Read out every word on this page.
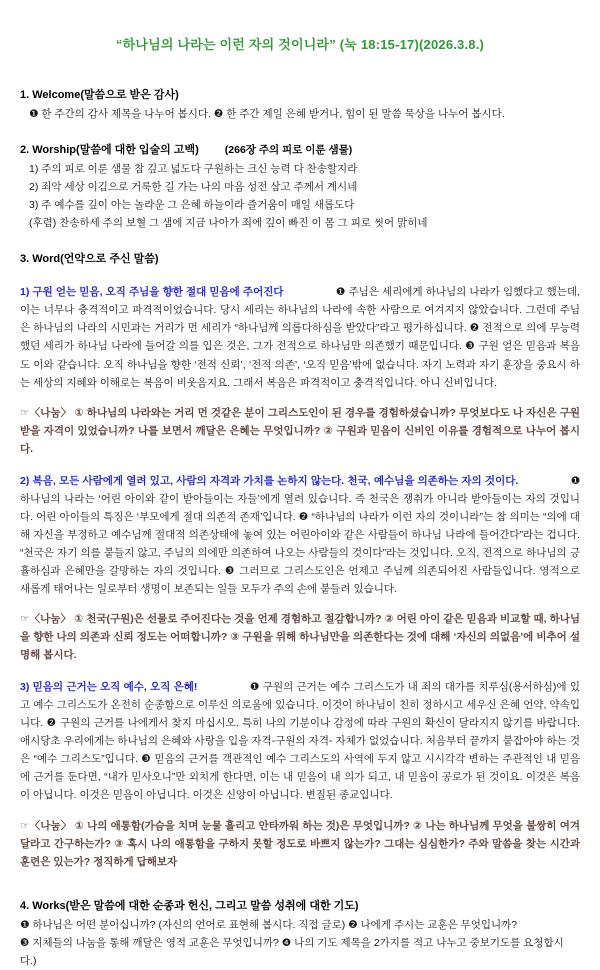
“하나님의 나라는 이런 자의 것이니라” (눅 18:15-17)(2026.3.8.)
1. Welcome(말씀으로 받은 감사)
❶ 한 주간의 감사 제목을 나누어 봅시다. ❷ 한 주간 제일 은혜 받거나, 힘이 된 말씀 묵상을 나누어 봅시다.
2. Worship(말씀에 대한 입술의 고백) (266장 주의 피로 이룬 샘물)
1) 주의 피로 이룬 샘물 참 깊고 넓도다 구원하는 크신 능력 다 찬송할지라
2) 죄악 세상 이김으로 거룩한 길 가는 나의 마음 성전 삼고 주께서 계시네
3) 주 예수를 깊이 아는 놀라운 그 은혜 하늘이라 즐거움이 매일 새롭도다
(후렴) 찬송하세 주의 보혈 그 샘에 지금 나아가 죄에 깊이 빠진 이 몸 그 피로 씻어 맑히네
3. Word(언약으로 주신 말씀)
1) 구원 얻는 믿음, 오직 주님을 향한 절대 믿음에 주어진다	❶ 주님은 세리에게 하나님의 나라가 임했다고 했는데, 이는 너무나 충격적이고 파격적이었습니다. 당시 세리는 하나님의 나라에 속한 사람으로 여겨지지 않았습니다. 그런데 주님은 하나님의 나라의 시민과는 거리가 먼 세리가 “하나님께 의롭다하심을 받았다”라고 평가하십니다. ❷ 전적으로 의에 무능력했던 세리가 하나님 나라에 들어갈 의를 입은 것은, 그가 전적으로 하나님만 의존했기 때문입니다. ❸ 구원 얻은 믿음과 복음도 이와 같습니다. 오직 하나님을 향한 ‘전적 신뢰’, ‘전적 의존’, ‘오직 믿음’밖에 없습니다. 자기 노력과 자기 훈장을 중요시 하는 세상의 지혜와 이해로는 복음이 비웃음지요. 그래서 복음은 파격적이고 충격적입니다. 아니 신비입니다.
☞〈나눔〉 ① 하나님의 나라와는 거리 먼 것같은 분이 그리스도인이 된 경우를 경험하셨습니까? 무엇보다도 나 자신은 구원받을 자격이 있었습니까? 나를 보면서 깨달은 은혜는 무엇입니까? ② 구원과 믿음이 신비인 이유를 경험적으로 나누어 봅시다.
2) 복음, 모든 사람에게 열려 있고, 사람의 자격과 가치를 논하지 않는다. 천국, 예수님을 의존하는 자의 것이다.	❶ 하나님의 나라는 ‘어린 아이와 같이 받아들이는 자들’에게 열려 있습니다. 즉 천국은 쟁취가 아니라 받아들이는 자의 것입니다. 어린 아이들의 특징은 ‘부모에게 절대 의존적 존재’입니다. ❷ “하나님의 나라가 이런 자의 것이니라”는 참 의미는 “의에 대해 자신을 부정하고 예수님께 절대적 의존상태에 놓여 있는 어린아이와 같은 사람들이 하나님 나라에 들어간다”라는 겁니다. “천국은 자기 의를 붙들지 않고, 주님의 의에만 의존하여 나오는 사람들의 것이다”라는 것입니다. 오직, 전적으로 하나님의 긍휼하심과 은혜만을 갈망하는 자의 것입니다. ❸ 그러므로 그리스도인은 언제고 주님께 의존되어진 사람들입니다. 영적으로 새롭게 태어나는 일로부터 생명이 보존되는 일들 모두가 주의 손에 붙들려 있습니다.
☞〈나눔〉 ① 천국(구원)은 선물로 주어진다는 것을 언제 경험하고 절감합니까? ② 어린 아이 같은 믿음과 비교할 때, 하나님을 향한 나의 의존과 신뢰 정도는 어떠합니까? ③ 구원을 위해 하나님만을 의존한다는 것에 대해 ‘자신의 의없음’에 비추어 설명해 봅시다.
3) 믿음의 근거는 오직 예수, 오직 은혜!	❶ 구원의 근거는 예수 그리스도가 내 죄의 대가를 치루심(용서하심)에 있고 예수 그리스도가 온전히 순종함으로 이루신 의로움에 있습니다. 이것이 하나님이 친히 정하시고 세우신 은혜 언약, 약속입니다. ❷ 구원의 근거를 나에게서 찾지 마십시오. 특히 나의 기분이나 감정에 따라 구원의 확신이 달라지지 않기를 바랍니다. 애시당초 우리에게는 하나님의 은혜와 사랑을 입을 자격-구원의 자격- 자체가 없었습니다. 처음부터 끝까지 붙잡아야 하는 것은 “예수 그리스도”입니다. ❸ 믿음의 근거를 객관적인 예수 그리스도의 사역에 두지 않고 시시각각 변하는 주관적인 내 믿음에 근거를 둔다면, “내가 믿사오니”만 외치게 한다면, 이는 내 믿음이 내 의가 되고, 내 믿음이 공로가 된 것이요. 이것은 복음이 아닙니다. 이것은 믿음이 아닙니다. 이것은 신앙이 아닙니다. 변질된 종교입니다.
☞〈나눔〉 ① 나의 애통함(가슴을 치며 눈물 흘리고 안타까워 하는 것)은 무엇입니까? ② 나는 하나님께 무엇을 불쌍히 여겨 달라고 간구하는가? ③ 혹시 나의 애통함을 구하지 못할 정도로 바쁘지 않는가? 그대는 심심한가? 주와 말씀을 찾는 시간과 훈련은 있는가? 정직하게 답해보자
4. Works(받은 말씀에 대한 순종과 헌신, 그리고 말씀 성취에 대한 기도)
❶ 하나님은 어떤 분이십니까? (자신의 언어로 표현해 봅시다. 직접 글로) ❷ 나에게 주시는 교훈은 무엇입니까?
❸ 지체들의 나눔을 통해 깨달은 영적 교훈은 무엇입니까? ❹ 나의 기도 제목을 2가지를 적고 나누고 중보기도를 요청합시다.)
